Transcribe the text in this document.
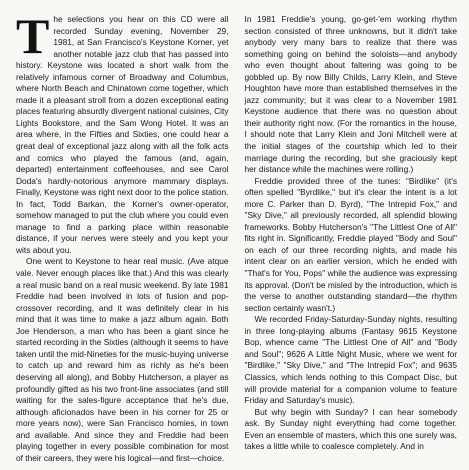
The selections you hear on this CD were all recorded Sunday evening, November 29, 1981, at San Francisco's Keystone Korner, yet another notable jazz club that has passed into history. Keystone was located a short walk from the relatively infamous corner of Broadway and Columbus, where North Beach and Chinatown come together, which made it a pleasant stroll from a dozen exceptional eating places featuring absurdly divergent national cuisines, City Lights Bookstore, and the Sam Wong Hotel. It was an area where, in the Fifties and Sixties, one could hear a great deal of exceptional jazz along with all the folk acts and comics who played the famous (and, again, departed) entertainment coffeehouses, and see Carol Doda's hardly-notorious anymore mammary displays. Finally, Keystone was right next door to the police station. In fact, Todd Barkan, the Korner's owner-operator, somehow managed to put the club where you could even manage to find a parking place within reasonable distance, if your nerves were steely and you kept your wits about you.

One went to Keystone to hear real music. (Ave atque vale. Never enough places like that.) And this was clearly a real music band on a real music weekend. By late 1981 Freddie had been involved in lots of fusion and pop-crossover recording, and it was definitely clear in his mind that it was time to make a jazz album again. Both Joe Henderson, a man who has been a giant since he started recording in the Sixties (although it seems to have taken until the mid-Nineties for the music-buying universe to catch up and reward him as richly as he's been deserving all along), and Bobby Hutcherson, a player as profoundly gifted as his two front-line associates (and still waiting for the sales-figure acceptance that he's due, although aficionados have been in his corner for 25 or more years now), were San Francisco homies, in town and available. And since they and Freddie had been playing together in every possible combination for most of their careers, they were his logical—and first—choice.

In 1981 Freddie's young, go-get-'em working rhythm section consisted of three unknowns, but it didn't take anybody very many bars to realize that there was something going on behind the soloists—and anybody who even thought about faltering was going to be gobbled up. By now Billy Childs, Larry Klein, and Steve Houghton have more than established themselves in the jazz community; but it was clear to a November 1981 Keystone audience that there was no question about their authority right now. (For the romantics in the house, I should note that Larry Klein and Joni Mitchell were at the initial stages of the courtship which led to their marriage during the recording, but she graciously kept her distance while the machines were rolling.)

Freddie provided three of the tunes: "Birdlike" (it's often spelled "Byrdlike," but it's clear the intent is a lot more C. Parker than D. Byrd), "The Intrepid Fox," and "Sky Dive," all previously recorded, all splendid blowing frameworks. Bobby Hutcherson's "The Littlest One of All" fits right in. Significantly, Freddie played "Body and Soul" on each of our three recording nights, and made his intent clear on an earlier version, which he ended with "That's for You, Pops" while the audience was expressing its approval. (Don't be misled by the introduction, which is the verse to another outstanding standard—the rhythm section certainly wasn't.)

We recorded Friday-Saturday-Sunday nights, resulting in three long-playing albums (Fantasy 9615 Keystone Bop, whence came "The Littlest One of All" and "Body and Soul"; 9626 A Little Night Music, where we went for "Birdlike," "Sky Dive," and "The Intrepid Fox"; and 9635 Classics, which lends nothing to this Compact Disc, but will provide material for a companion volume to feature Friday and Saturday's music).

But why begin with Sunday? I can hear somebody ask. By Sunday night everything had come together. Even an ensemble of masters, which this one surely was, takes a little while to coalesce completely. And in
